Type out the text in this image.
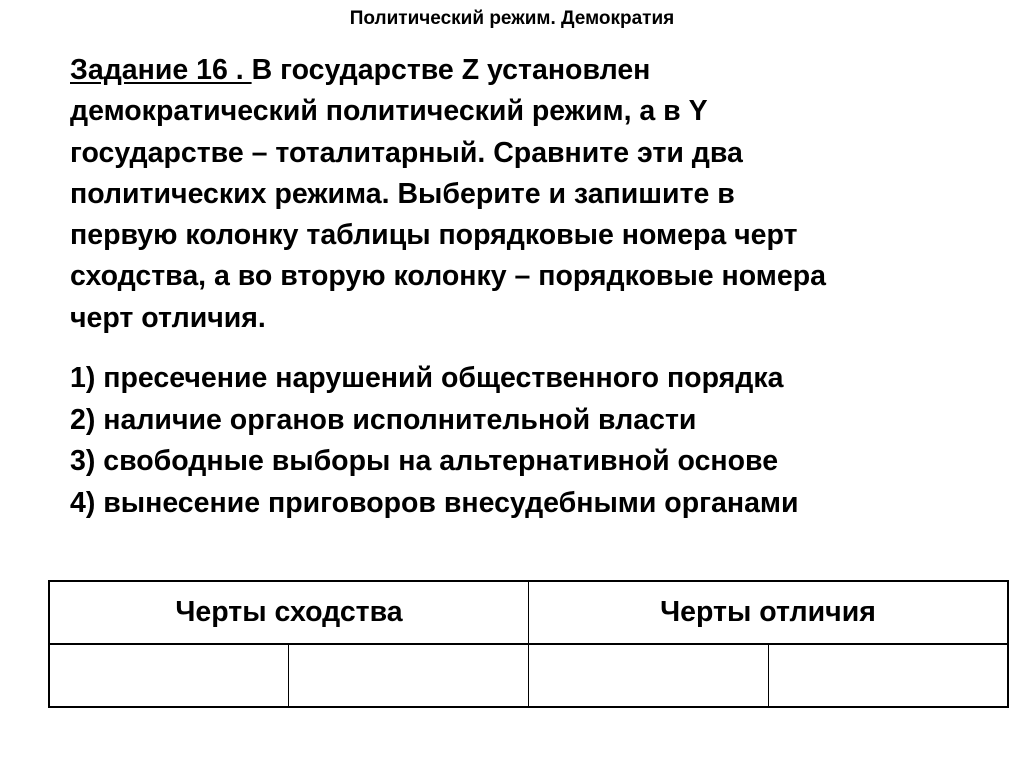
Политический режим. Демократия
Задание 16 . В государстве Z установлен
демократический политический режим, а в Y
государстве – тоталитарный. Сравните эти два
политических режима. Выберите и запишите в
первую колонку таблицы порядковые номера черт
сходства, а во вторую колонку – порядковые номера
черт отличия.
1) пресечение нарушений общественного порядка
2) наличие органов исполнительной власти
3) свободные выборы на альтернативной основе
4) вынесение приговоров внесудебными органами
Черты сходства		Черты отличия	
